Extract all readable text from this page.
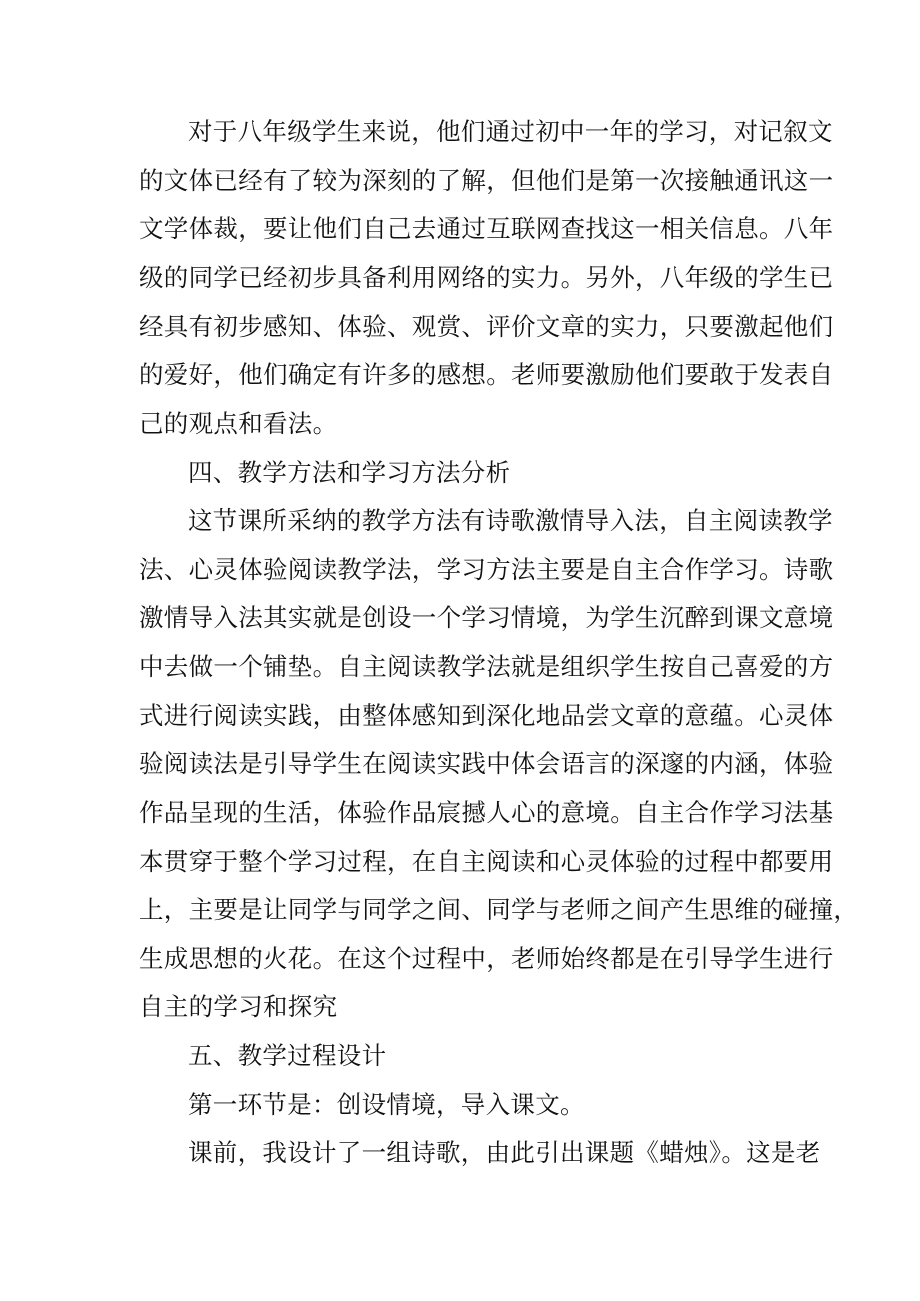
对于八年级学生来说，他们通过初中一年的学习，对记叙文
的文体已经有了较为深刻的了解，但他们是第一次接触通讯这一
文学体裁，要让他们自己去通过互联网查找这一相关信息。八年
级的同学已经初步具备利用网络的实力。另外，八年级的学生已
经具有初步感知、体验、观赏、评价文章的实力，只要激起他们
的爱好，他们确定有许多的感想。老师要激励他们要敢于发表自
己的观点和看法。
四、教学方法和学习方法分析
这节课所采纳的教学方法有诗歌激情导入法，自主阅读教学
法、心灵体验阅读教学法，学习方法主要是自主合作学习。诗歌
激情导入法其实就是创设一个学习情境，为学生沉醉到课文意境
中去做一个铺垫。自主阅读教学法就是组织学生按自己喜爱的方
式进行阅读实践，由整体感知到深化地品尝文章的意蕴。心灵体
验阅读法是引导学生在阅读实践中体会语言的深邃的内涵，体验
作品呈现的生活，体验作品宸撼人心的意境。自主合作学习法基
本贯穿于整个学习过程，在自主阅读和心灵体验的过程中都要用
上，主要是让同学与同学之间、同学与老师之间产生思维的碰撞，
生成思想的火花。在这个过程中，老师始终都是在引导学生进行
自主的学习和探究
五、教学过程设计
第一环节是：创设情境，导入课文。
课前，我设计了一组诗歌，由此引出课题《蜡烛》。这是老
